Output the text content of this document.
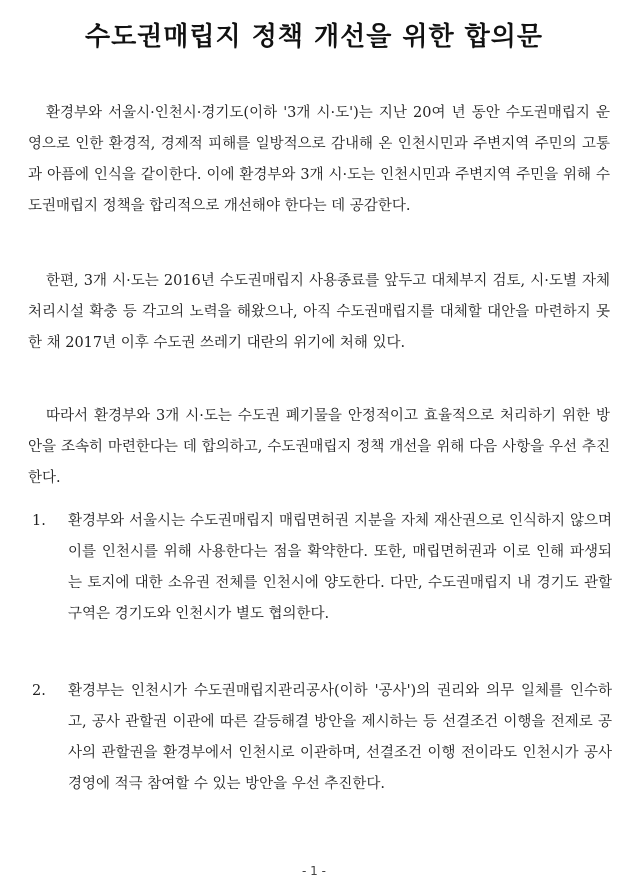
수도권매립지 정책 개선을 위한 합의문

환경부와 서울시·인천시·경기도(이하 '3개 시·도')는 지난 20여 년 동안 수도권매립지 운영으로 인한 환경적, 경제적 피해를 일방적으로 감내해 온 인천시민과 주변지역 주민의 고통과 아픔에 인식을 같이한다. 이에 환경부와 3개 시·도는 인천시민과 주변지역 주민을 위해 수도권매립지 정책을 합리적으로 개선해야 한다는 데 공감한다.

한편, 3개 시·도는 2016년 수도권매립지 사용종료를 앞두고 대체부지 검토, 시·도별 자체 처리시설 확충 등 각고의 노력을 해왔으나, 아직 수도권매립지를 대체할 대안을 마련하지 못한 채 2017년 이후 수도권 쓰레기 대란의 위기에 처해 있다.

따라서 환경부와 3개 시·도는 수도권 폐기물을 안정적이고 효율적으로 처리하기 위한 방안을 조속히 마련한다는 데 합의하고, 수도권매립지 정책 개선을 위해 다음 사항을 우선 추진한다.

1.	환경부와 서울시는 수도권매립지 매립면허권 지분을 자체 재산권으로 인식하지 않으며 이를 인천시를 위해 사용한다는 점을 확약한다. 또한, 매립면허권과 이로 인해 파생되는 토지에 대한 소유권 전체를 인천시에 양도한다. 다만, 수도권매립지 내 경기도 관할구역은 경기도와 인천시가 별도 협의한다.
2.	환경부는 인천시가 수도권매립지관리공사(이하 '공사')의 권리와 의무 일체를 인수하고, 공사 관할권 이관에 따른 갈등해결 방안을 제시하는 등 선결조건 이행을 전제로 공사의 관할권을 환경부에서 인천시로 이관하며, 선결조건 이행 전이라도 인천시가 공사경영에 적극 참여할 수 있는 방안을 우선 추진한다.
- 1 -
